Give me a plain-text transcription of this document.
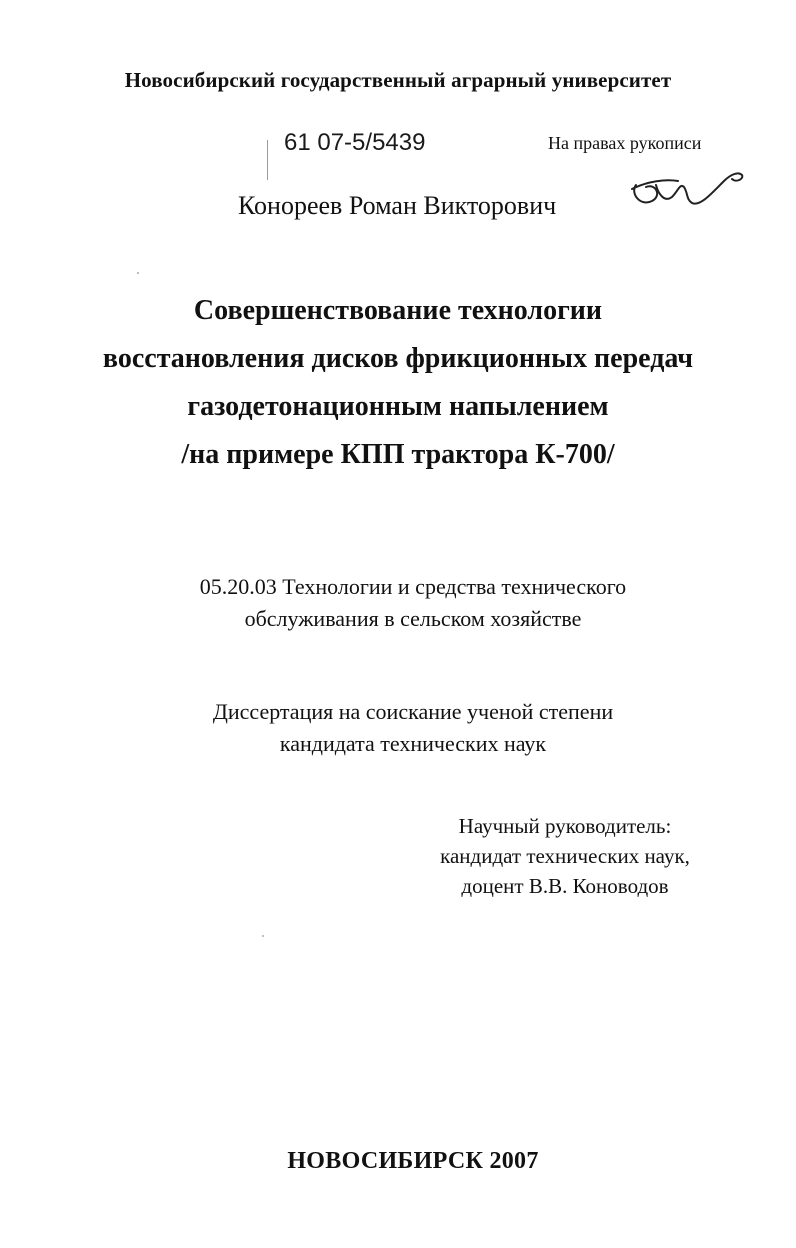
Новосибирский государственный аграрный университет
61 07-5/5439	На правах рукописи
Конореев Роман Викторович
Совершенствование технологии
восстановления дисков фрикционных передач
газодетонационным напылением
/на примере КПП трактора К-700/
05.20.03 Технологии и средства технического
обслуживания в сельском хозяйстве
Диссертация на соискание ученой степени
кандидата технических наук
Научный руководитель:
кандидат технических наук,
доцент В.В. Коноводов
НОВОСИБИРСК 2007
